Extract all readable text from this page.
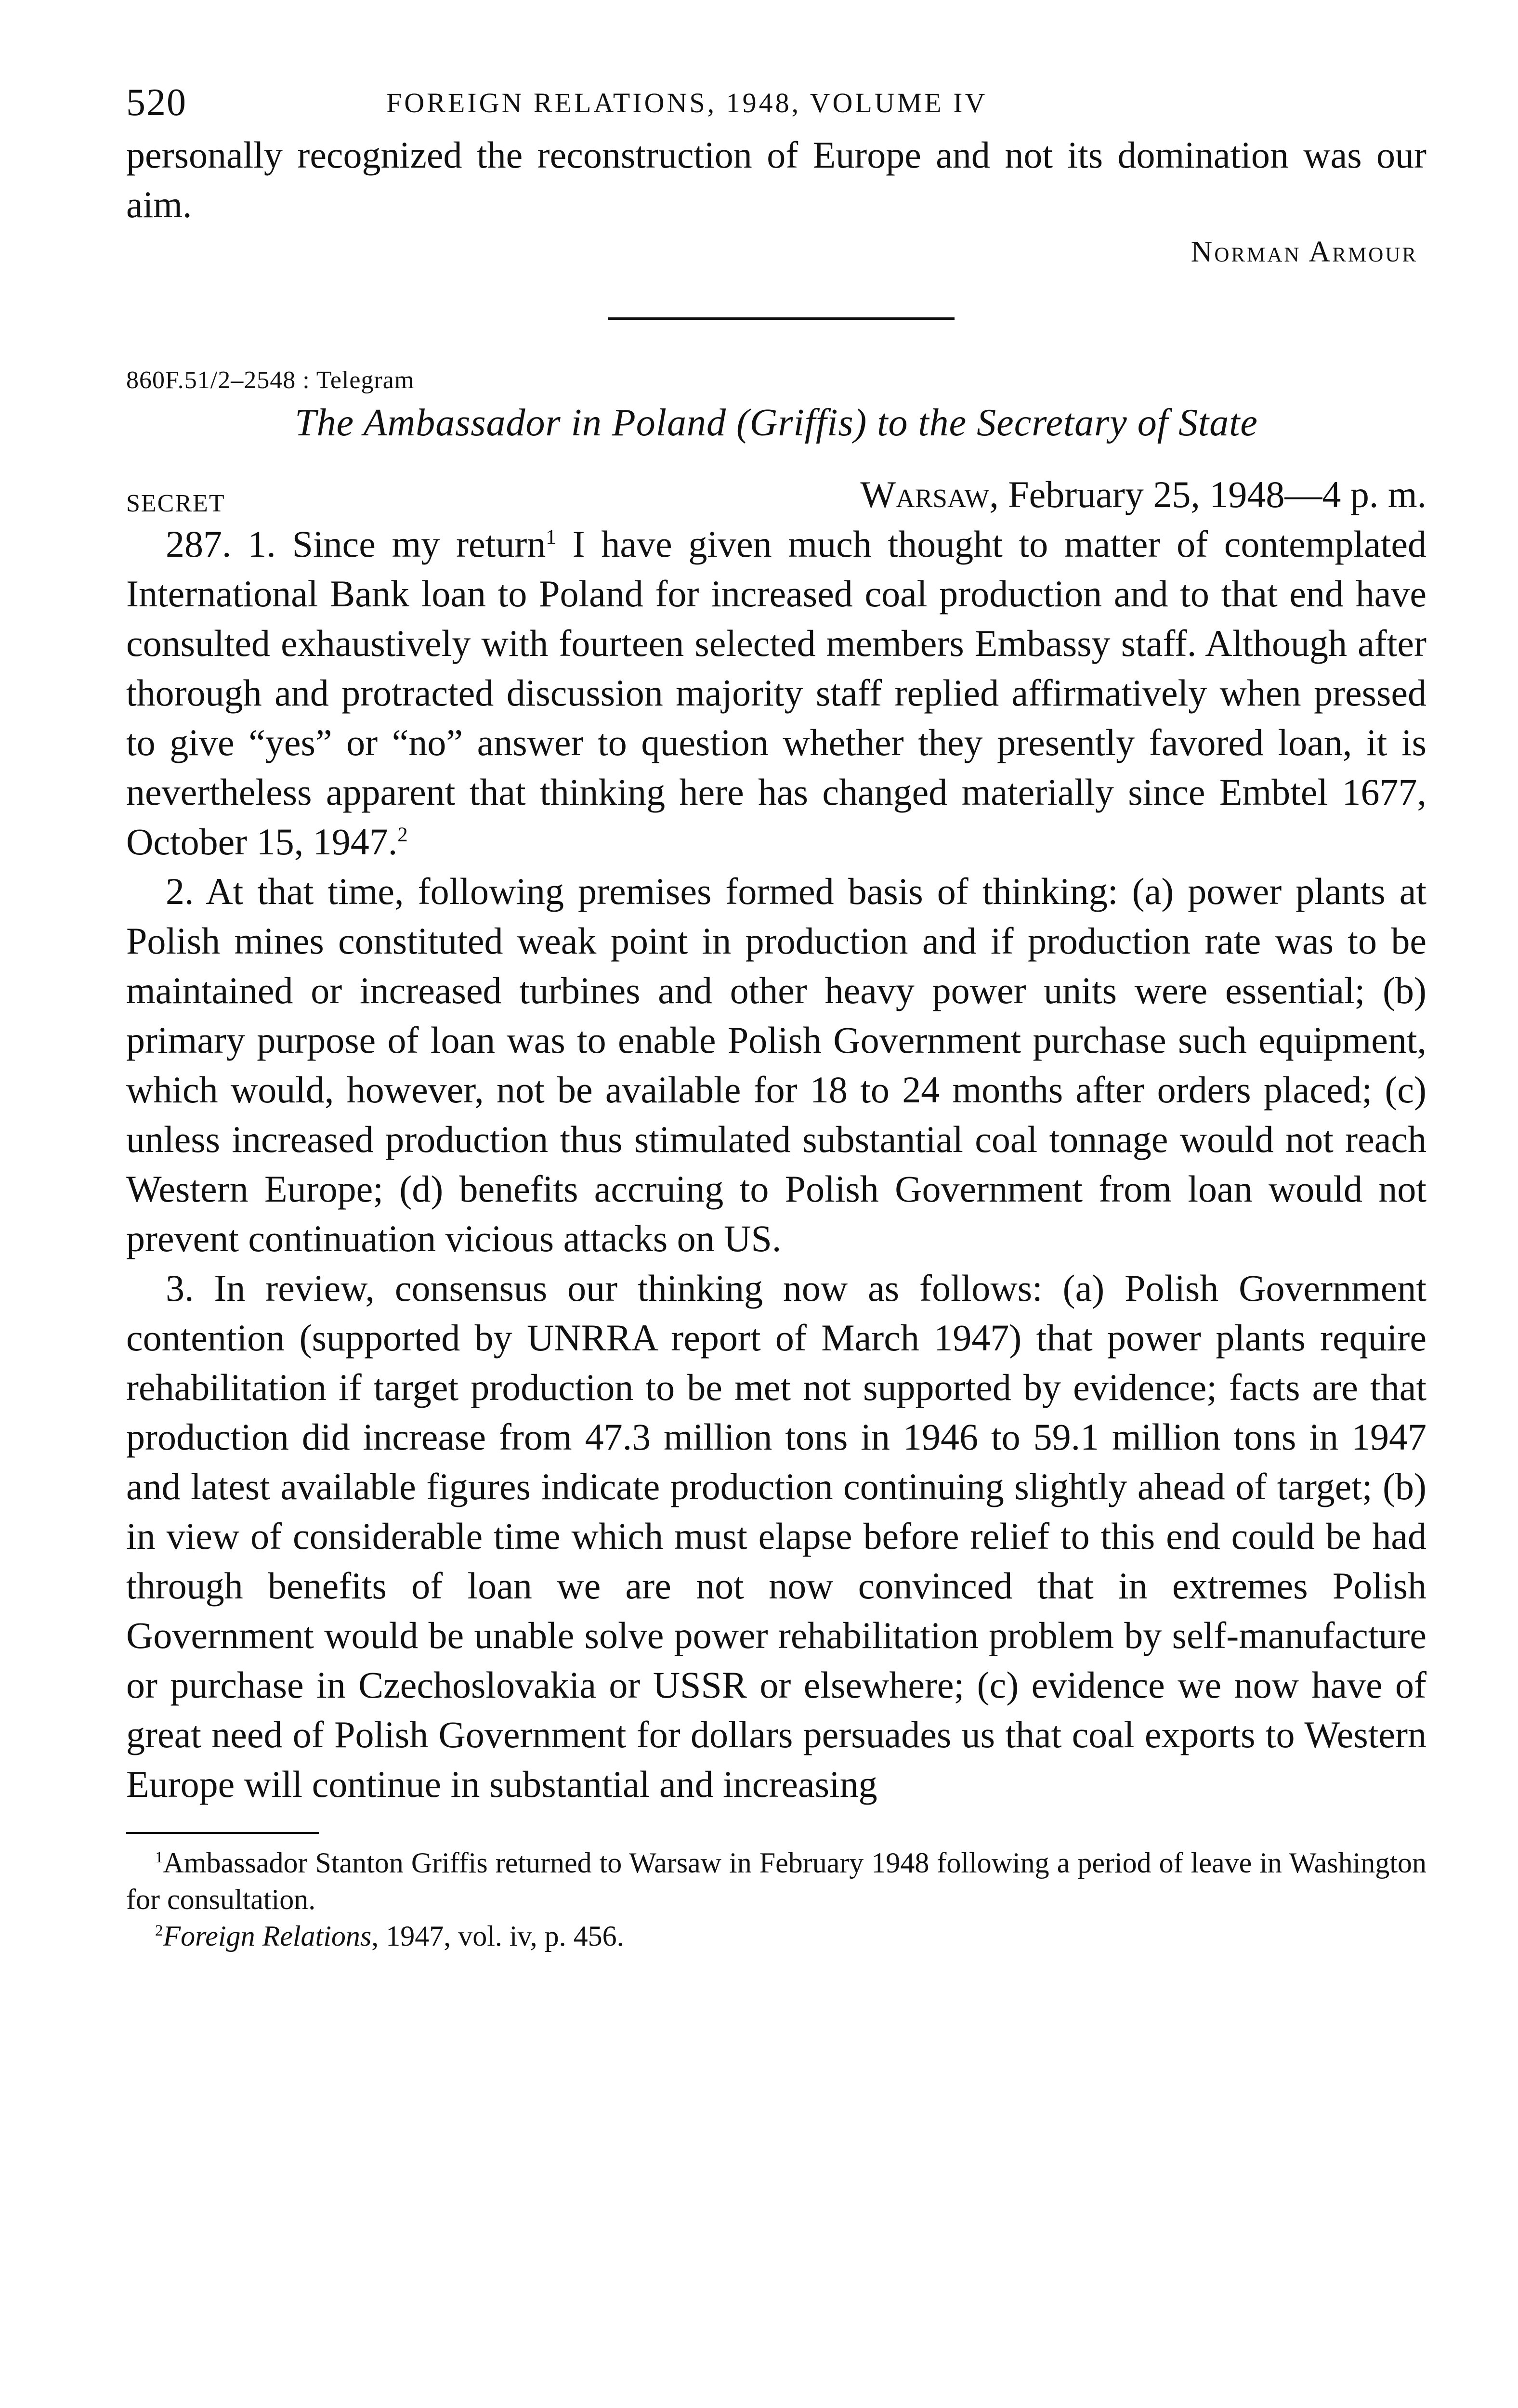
520	FOREIGN RELATIONS, 1948, VOLUME IV

personally recognized the reconstruction of Europe and not its domination was our aim.

Norman Armour
860F.51/2–2548 : Telegram
The Ambassador in Poland (Griffis) to the Secretary of State
SECRET	Warsaw, February 25, 1948—4 p. m.

287. 1. Since my return$^1$ I have given much thought to matter of contemplated International Bank loan to Poland for increased coal production and to that end have consulted exhaustively with fourteen selected members Embassy staff. Although after thorough and protracted discussion majority staff replied affirmatively when pressed to give “yes” or “no” answer to question whether they presently favored loan, it is nevertheless apparent that thinking here has changed materially since Embtel 1677, October 15, 1947.$^2$

2. At that time, following premises formed basis of thinking: (a) power plants at Polish mines constituted weak point in production and if production rate was to be maintained or increased turbines and other heavy power units were essential; (b) primary purpose of loan was to enable Polish Government purchase such equipment, which would, however, not be available for 18 to 24 months after orders placed; (c) unless increased production thus stimulated substantial coal tonnage would not reach Western Europe; (d) benefits accruing to Polish Government from loan would not prevent continuation vicious attacks on US.

3. In review, consensus our thinking now as follows: (a) Polish Government contention (supported by UNRRA report of March 1947) that power plants require rehabilitation if target production to be met not supported by evidence; facts are that production did increase from 47.3 million tons in 1946 to 59.1 million tons in 1947 and latest available figures indicate production continuing slightly ahead of target; (b) in view of considerable time which must elapse before relief to this end could be had through benefits of loan we are not now convinced that in extremes Polish Government would be unable solve power rehabilitation problem by self-manufacture or purchase in Czechoslovakia or USSR or elsewhere; (c) evidence we now have of great need of Polish Government for dollars persuades us that coal exports to Western Europe will continue in substantial and increasing

$^1$Ambassador Stanton Griffis returned to Warsaw in February 1948 following a period of leave in Washington for consultation.

$^2$Foreign Relations, 1947, vol. iv, p. 456.
